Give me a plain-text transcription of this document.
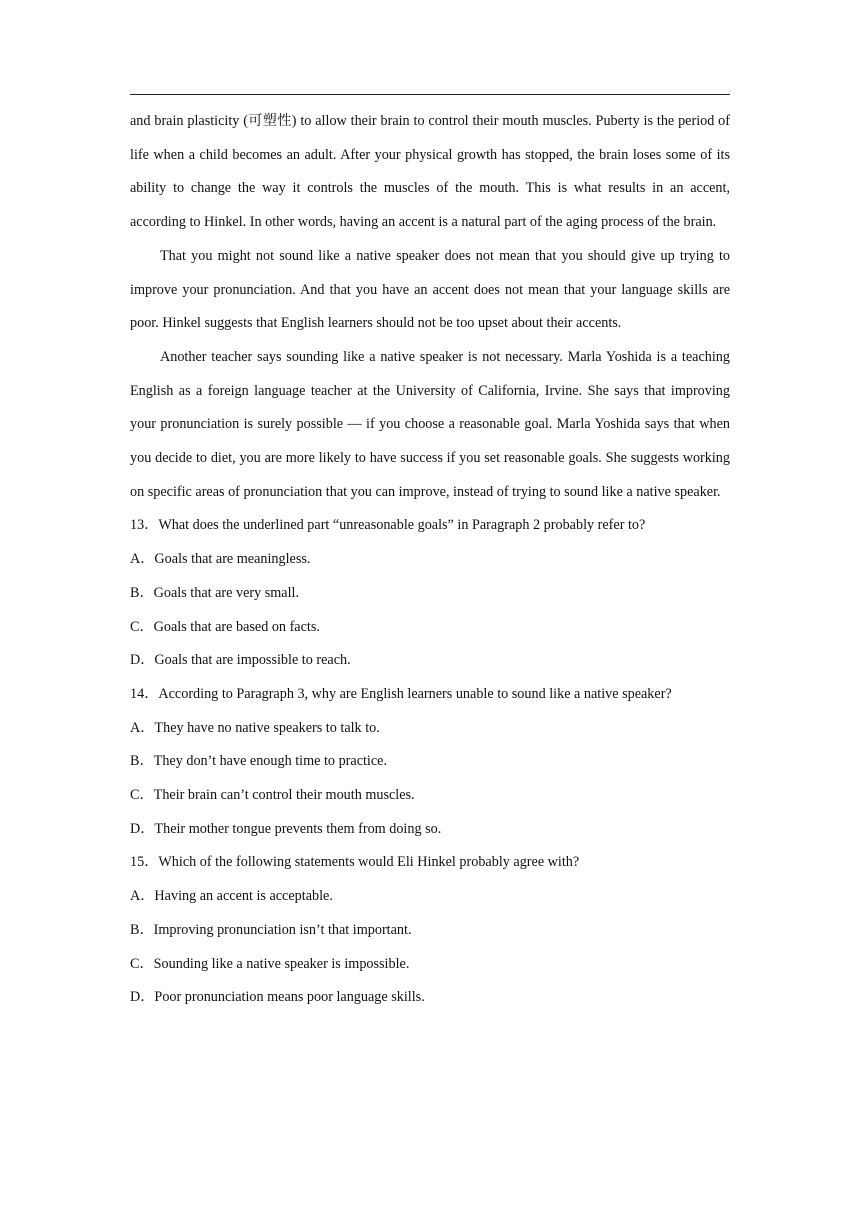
and brain plasticity (可塑性) to allow their brain to control their mouth muscles. Puberty is the period of life when a child becomes an adult. After your physical growth has stopped, the brain loses some of its ability to change the way it controls the muscles of the mouth. This is what results in an accent, according to Hinkel. In other words, having an accent is a natural part of the aging process of the brain.

That you might not sound like a native speaker does not mean that you should give up trying to improve your pronunciation. And that you have an accent does not mean that your language skills are poor. Hinkel suggests that English learners should not be too upset about their accents.

Another teacher says sounding like a native speaker is not necessary. Marla Yoshida is a teaching English as a foreign language teacher at the University of California, Irvine. She says that improving your pronunciation is surely possible — if you choose a reasonable goal. Marla Yoshida says that when you decide to diet, you are more likely to have success if you set reasonable goals. She suggests working on specific areas of pronunciation that you can improve, instead of trying to sound like a native speaker.

13．What does the underlined part “unreasonable goals” in Paragraph 2 probably refer to?

A．Goals that are meaningless.

B．Goals that are very small.

C．Goals that are based on facts.

D．Goals that are impossible to reach.

14．According to Paragraph 3, why are English learners unable to sound like a native speaker?

A．They have no native speakers to talk to.

B．They don’t have enough time to practice.

C．Their brain can’t control their mouth muscles.

D．Their mother tongue prevents them from doing so.

15．Which of the following statements would Eli Hinkel probably agree with?

A．Having an accent is acceptable.

B．Improving pronunciation isn’t that important.

C．Sounding like a native speaker is impossible.

D．Poor pronunciation means poor language skills.
